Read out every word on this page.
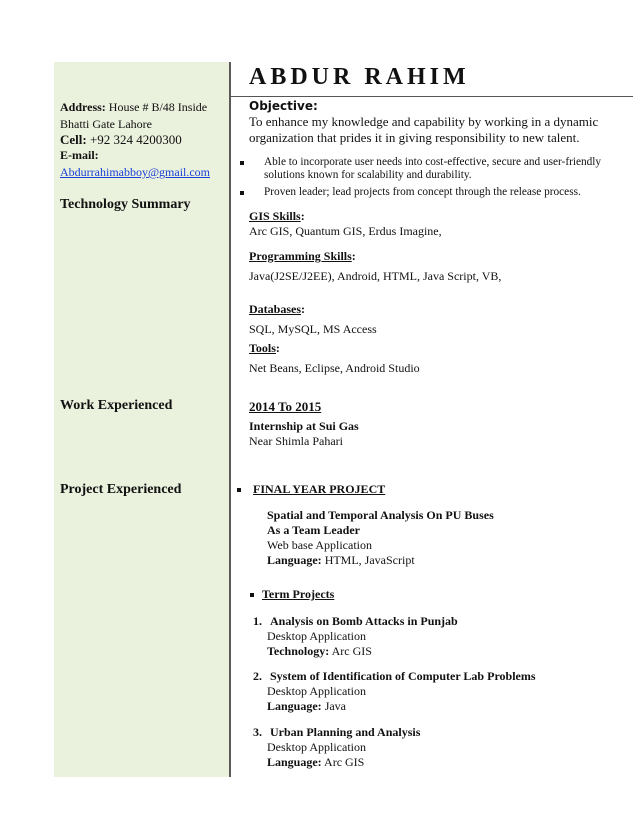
ABDUR RAHIM
Address: House # B/48 Inside
Bhatti Gate Lahore
Cell: +92 324 4200300
E-mail:
Abdurrahimabboy@gmail.com
Technology Summary
Work Experienced
Project Experienced
Objective:
To enhance my knowledge and capability by working in a dynamic organization that prides it in giving responsibility to new talent.
Able to incorporate user needs into cost-effective, secure and user-friendly solutions known for scalability and durability.
Proven leader; lead projects from concept through the release process.
GIS Skills:
Arc GIS, Quantum GIS, Erdus Imagine,
Programming Skills:
Java(J2SE/J2EE), Android, HTML, Java Script, VB,
Databases:
SQL, MySQL, MS Access
Tools:
Net Beans, Eclipse, Android Studio
2014 To 2015
Internship at Sui Gas
Near Shimla Pahari
FINAL YEAR PROJECT
Spatial and Temporal Analysis On PU Buses
As a Team Leader
Web base Application
Language: HTML, JavaScript
Term Projects
1. Analysis on Bomb Attacks in Punjab
Desktop Application
Technology: Arc GIS
2. System of Identification of Computer Lab Problems
Desktop Application
Language: Java
3. Urban Planning and Analysis
Desktop Application
Language: Arc GIS
